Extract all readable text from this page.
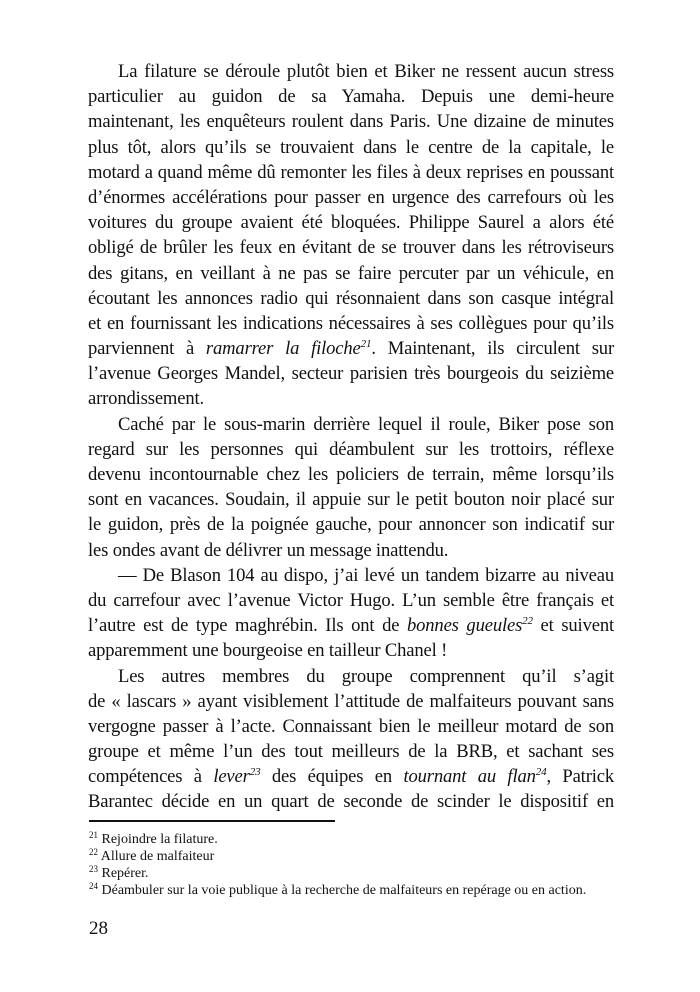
La filature se déroule plutôt bien et Biker ne ressent aucun stress
particulier au guidon de sa Yamaha. Depuis une demi-heure
maintenant, les enquêteurs roulent dans Paris. Une dizaine de minutes
plus tôt, alors qu’ils se trouvaient dans le centre de la capitale, le
motard a quand même dû remonter les files à deux reprises en poussant
d’énormes accélérations pour passer en urgence des carrefours où les
voitures du groupe avaient été bloquées. Philippe Saurel a alors été
obligé de brûler les feux en évitant de se trouver dans les rétroviseurs
des gitans, en veillant à ne pas se faire percuter par un véhicule, en
écoutant les annonces radio qui résonnaient dans son casque intégral
et en fournissant les indications nécessaires à ses collègues pour qu’ils
parviennent à ramarrer la filoche$^{21}$. Maintenant, ils circulent sur
l’avenue Georges Mandel, secteur parisien très bourgeois du seizième
arrondissement.
Caché par le sous-marin derrière lequel il roule, Biker pose son
regard sur les personnes qui déambulent sur les trottoirs, réflexe
devenu incontournable chez les policiers de terrain, même lorsqu’ils
sont en vacances. Soudain, il appuie sur le petit bouton noir placé sur
le guidon, près de la poignée gauche, pour annoncer son indicatif sur
les ondes avant de délivrer un message inattendu.
— De Blason 104 au dispo, j’ai levé un tandem bizarre au niveau
du carrefour avec l’avenue Victor Hugo. L’un semble être français et
l’autre est de type maghrébin. Ils ont de bonnes gueules$^{22}$ et suivent
apparemment une bourgeoise en tailleur Chanel !
Les autres membres du groupe comprennent qu’il s’agit
de « lascars » ayant visiblement l’attitude de malfaiteurs pouvant sans
vergogne passer à l’acte. Connaissant bien le meilleur motard de son
groupe et même l’un des tout meilleurs de la BRB, et sachant ses
compétences à lever$^{23}$ des équipes en tournant au flan$^{24}$, Patrick
Barantec décide en un quart de seconde de scinder le dispositif en
$^{21}$ Rejoindre la filature.
$^{22}$ Allure de malfaiteur
$^{23}$ Repérer.
$^{24}$ Déambuler sur la voie publique à la recherche de malfaiteurs en repérage ou en action.
28
